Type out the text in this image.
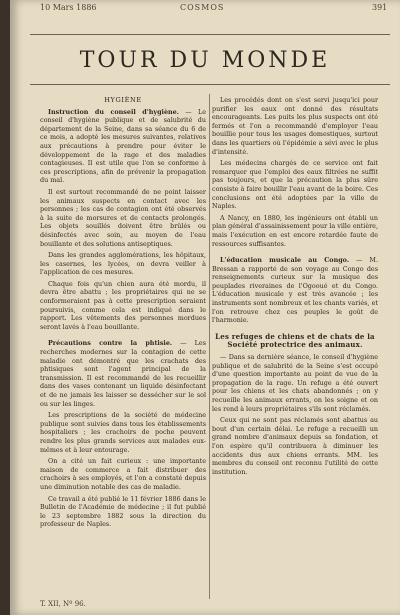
10 Mars 1886	COSMOS	391
TOUR DU MONDE
HYGIÈNE

Instruction du conseil d'hygiène. — Le conseil d'hygiène publique et de salubrité du département de la Seine, dans sa séance du 6 de ce mois, a adopté les mesures suivantes, relatives aux précautions à prendre pour éviter le développement de la rage et des maladies contagieuses. Il est utile que l'on se conforme à ces prescriptions, afin de prévenir la propagation du mal.

Il est surtout recommandé de ne point laisser les animaux suspects en contact avec les personnes ; les cas de contagion ont été observés à la suite de morsures et de contacts prolongés. Les objets souillés doivent être brûlés ou désinfectés avec soin, au moyen de l'eau bouillante et des solutions antiseptiques.

Dans les grandes agglomérations, les hôpitaux, les casernes, les lycées, on devra veiller à l'application de ces mesures.

Chaque fois qu'un chien aura été mordu, il devra être abattu ; les propriétaires qui ne se conformeraient pas à cette prescription seraient poursuivis, comme cela est indiqué dans le rapport. Les vêtements des personnes mordues seront lavés à l'eau bouillante.

Précautions contre la phtisie. — Les recherches modernes sur la contagion de cette maladie ont démontré que les crachats des phtisiques sont l'agent principal de la transmission. Il est recommandé de les recueillir dans des vases contenant un liquide désinfectant et de ne jamais les laisser se dessécher sur le sol ou sur les linges.

Les prescriptions de la société de médecine publique sont suivies dans tous les établissements hospitaliers ; les crachoirs de poche peuvent rendre les plus grands services aux malades eux-mêmes et à leur entourage.

On a cité un fait curieux : une importante maison de commerce a fait distribuer des crachoirs à ses employés, et l'on a constaté depuis une diminution notable des cas de maladie.

Ce travail a été publié le 11 février 1886 dans le Bulletin de l'Académie de médecine ; il fut publié le 23 septembre 1882 sous la direction du professeur de Naples.

Les procédés dont on s'est servi jusqu'ici pour purifier les eaux ont donné des résultats encourageants. Les puits les plus suspects ont été fermés et l'on a recommandé d'employer l'eau bouillie pour tous les usages domestiques, surtout dans les quartiers où l'épidémie a sévi avec le plus d'intensité.

Les médecins chargés de ce service ont fait remarquer que l'emploi des eaux filtrées ne suffit pas toujours, et que la précaution la plus sûre consiste à faire bouillir l'eau avant de la boire. Ces conclusions ont été adoptées par la ville de Naples.

A Nancy, en 1880, les ingénieurs ont établi un plan général d'assainissement pour la ville entière, mais l'exécution en est encore retardée faute de ressources suffisantes.

L'éducation musicale au Congo. — M. Bressan a rapporté de son voyage au Congo des renseignements curieux sur la musique des peuplades riveraines de l'Ogooué et du Congo. L'éducation musicale y est très avancée ; les instruments sont nombreux et les chants variés, et l'on retrouve chez ces peuples le goût de l'harmonie.

Les refuges de chiens et de chats de la Société protectrice des animaux.

— Dans sa dernière séance, le conseil d'hygiène publique et de salubrité de la Seine s'est occupé d'une question importante au point de vue de la propagation de la rage. Un refuge a été ouvert pour les chiens et les chats abandonnés ; on y recueille les animaux errants, on les soigne et on les rend à leurs propriétaires s'ils sont réclamés.

Ceux qui ne sont pas réclamés sont abattus au bout d'un certain délai. Le refuge a recueilli un grand nombre d'animaux depuis sa fondation, et l'on espère qu'il contribuera à diminuer les accidents dus aux chiens errants. MM. les membres du conseil ont reconnu l'utilité de cette institution.

T. XII, Nº 96.
